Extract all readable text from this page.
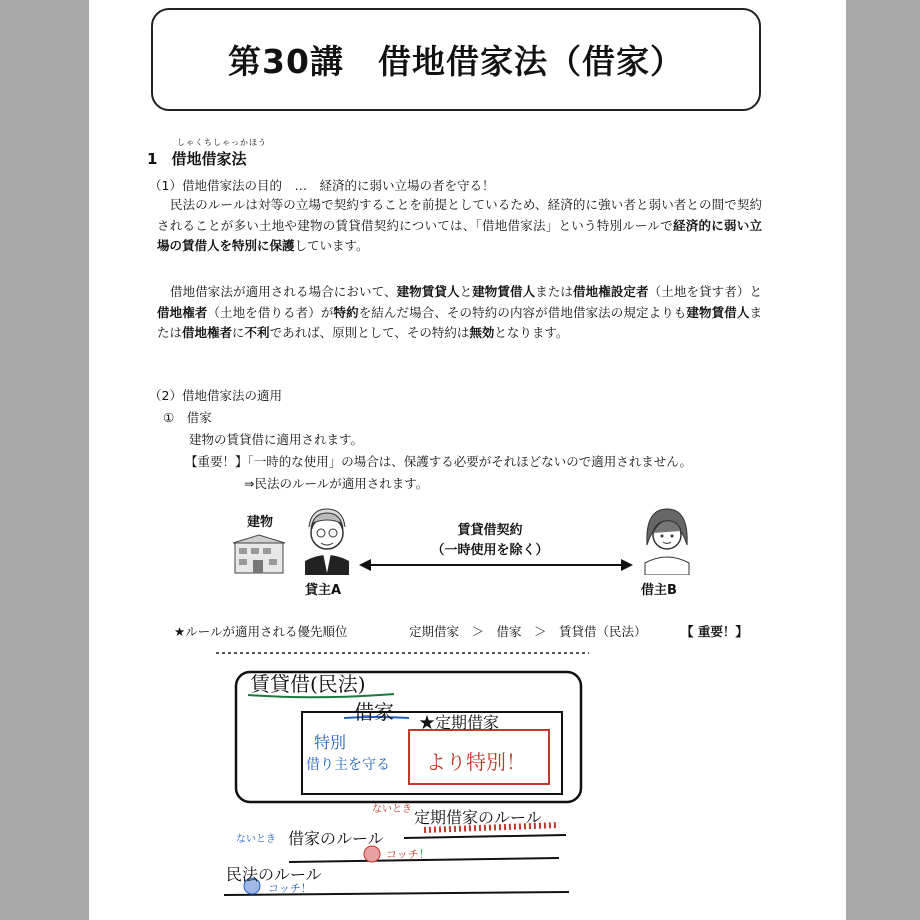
第30講　借地借家法（借家）
しゃくちしゃっかほう
1 借地借家法
（1）借地借家法の目的　…　経済的に弱い立場の者を守る！
民法のルールは対等の立場で契約することを前提としているため、経済的に強い者と弱い者との間で契約されることが多い土地や建物の賃貸借契約については、「借地借家法」という特別ルールで経済的に弱い立場の賃借人を特別に保護しています。
借地借家法が適用される場合において、建物賃貸人と建物賃借人または借地権設定者（土地を貸す者）と借地権者（土地を借りる者）が特約を結んだ場合、その特約の内容が借地借家法の規定よりも建物賃借人または借地権者に不利であれば、原則として、その特約は無効となります。
（2）借地借家法の適用
①　借家
建物の賃貸借に適用されます。
【重要！】「一時的な使用」の場合は、保護する必要がそれほどないので適用されません。
⇒民法のルールが適用されます。
建物
貸主A
賃貸借契約
（一時使用を除く）
借主B
★ルールが適用される優先順位	定期借家　＞　借家　＞　賃貸借（民法）	【 重要！】
賃貸借(民法)
借家 ★定期借家
特別
借り主を守る より特別！
ないとき 定期借家のルール
ないとき 借家のルール
コッチ！
民法のルール
コッチ！
